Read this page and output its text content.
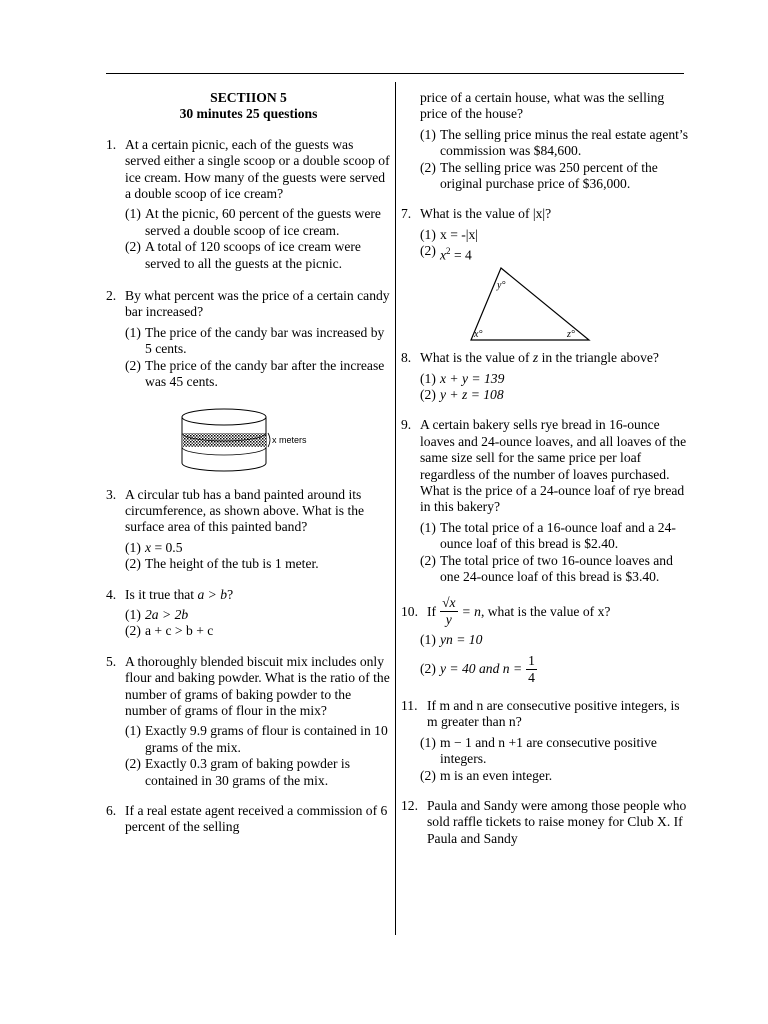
SECTIION 5

30 minutes 25 questions

1. At a certain picnic, each of the guests was served either a single scoop or a double scoop of ice cream. How many of the guests were served a double scoop of ice cream?
(1) At the picnic, 60 percent of the guests were served a double scoop of ice cream.
(2) A total of 120 scoops of ice cream were served to all the guests at the picnic.
2. By what percent was the price of a certain candy bar increased?
(1) The price of the candy bar was increased by 5 cents.
(2) The price of the candy bar after the increase was 45 cents.
x meters
3. A circular tub has a band painted around its circumference, as shown above. What is the surface area of this painted band?
(1) x = 0.5
(2) The height of the tub is 1 meter.
4. Is it true that a > b?
(1) 2a > 2b
(2) a + c > b + c
5. A thoroughly blended biscuit mix includes only flour and baking powder. What is the ratio of the number of grams of baking powder to the number of grams of flour in the mix?
(1) Exactly 9.9 grams of flour is contained in 10 grams of the mix.
(2) Exactly 0.3 gram of baking powder is contained in 30 grams of the mix.
6. If a real estate agent received a commission of 6 percent of the selling
price of a certain house, what was the selling price of the house?
(1) The selling price minus the real estate agent’s commission was $84,600.
(2) The selling price was 250 percent of the original purchase price of $36,000.
7. What is the value of |x|?
(1) x = -|x|
(2) $x^2 = 4$
y°
x°	z°
8. What is the value of z in the triangle above?
(1) x + y = 139
(2) y + z = 108
9. A certain bakery sells rye bread in 16-ounce loaves and 24-ounce loaves, and all loaves of the same size sell for the same price per loaf regardless of the number of loaves purchased. What is the price of a 24-ounce loaf of rye bread in this bakery?
(1) The total price of a 16-ounce loaf and a 24-ounce loaf of this bread is $2.40.
(2) The total price of two 16-ounce loaves and one 24-ounce loaf of this bread is $3.40.
10. If $\frac{√x}{y} = n$ , what is the value of x?
(1) yn = 10
(2) y = 40 and $n = \frac{1}{4}$
11. If m and n are consecutive positive integers, is m greater than n?
(1) m − 1 and n +1 are consecutive positive integers.
(2) m is an even integer.
12. Paula and Sandy were among those people who sold raffle tickets to raise money for Club X. If Paula and Sandy
